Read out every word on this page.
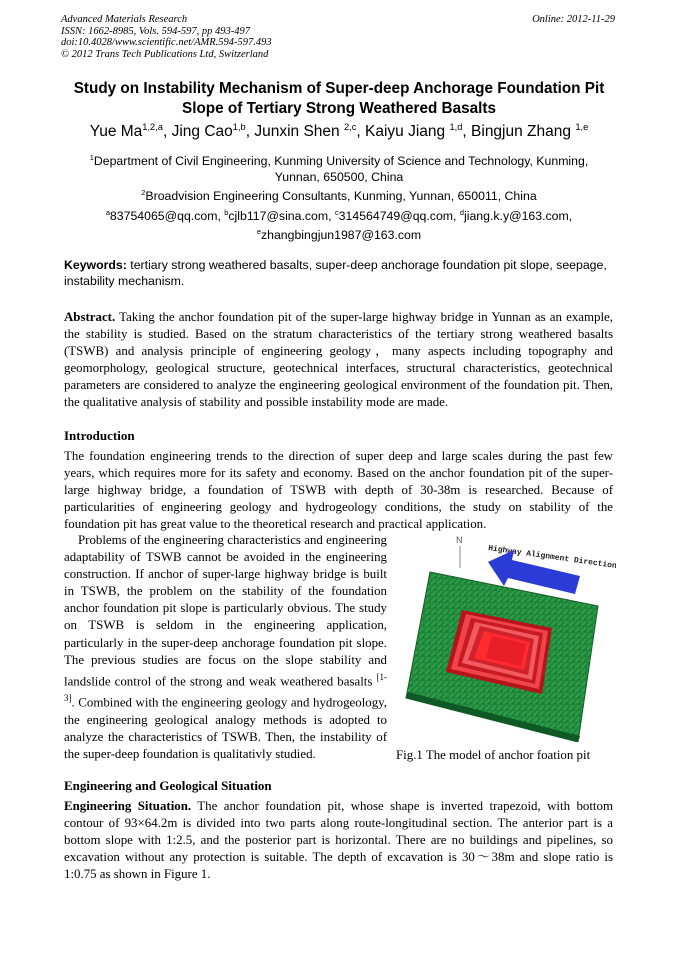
Advanced Materials Research
ISSN: 1662-8985, Vols. 594-597, pp 493-497
doi:10.4028/www.scientific.net/AMR.594-597.493
© 2012 Trans Tech Publications Ltd, Switzerland
Online: 2012-11-29
Study on Instability Mechanism of Super-deep Anchorage Foundation Pit
Slope of Tertiary Strong Weathered Basalts
Yue Ma$^{1,2,a}$, Jing Cao$^{1,b}$, Junxin Shen $^{2,c}$, Kaiyu Jiang $^{1,d}$, Bingjun Zhang $^{1,e}$
$^1$Department of Civil Engineering, Kunming University of Science and Technology, Kunming,
Yunnan, 650500, China
$^2$Broadvision Engineering Consultants, Kunming, Yunnan, 650011, China
$^a$83754065@qq.com, $^b$cjlb117@sina.com, $^c$314564749@qq.com, $^d$jiang.k.y@163.com,
$^e$zhangbingjun1987@163.com
Keywords: tertiary strong weathered basalts, super-deep anchorage foundation pit slope, seepage, instability mechanism.
Abstract. Taking the anchor foundation pit of the super-large highway bridge in Yunnan as an example, the stability is studied. Based on the stratum characteristics of the tertiary strong weathered basalts (TSWB) and analysis principle of engineering geology，many aspects including topography and geomorphology, geological structure, geotechnical interfaces, structural characteristics, geotechnical parameters are considered to analyze the engineering geological environment of the foundation pit. Then, the qualitative analysis of stability and possible instability mode are made.
Introduction
The foundation engineering trends to the direction of super deep and large scales during the past few years, which requires more for its safety and economy. Based on the anchor foundation pit of the super-large highway bridge, a foundation of TSWB with depth of 30-38m is researched. Because of particularities of engineering geology and hydrogeology conditions, the study on stability of the foundation pit has great value to the theoretical research and practical application.
Problems of the engineering characteristics and engineering adaptability of TSWB cannot be avoided in the engineering construction. If anchor of super-large highway bridge is built in TSWB, the problem on the stability of the foundation anchor foundation pit slope is particularly obvious. The study on TSWB is seldom in the engineering application, particularly in the super-deep anchorage foundation pit slope. The previous studies are focus on the slope stability and landslide control of the strong and weak weathered basalts [1-3]. Combined with the engineering geology and hydrogeology, the engineering geological analogy methods is adopted to analyze the characteristics of TSWB. Then, the instability of the super-deep foundation is qualitativly studied.
N
Highway Alignment Direction
Fig.1 The model of anchor foation pit
Engineering and Geological Situation
Engineering Situation. The anchor foundation pit, whose shape is inverted trapezoid, with bottom contour of 93×64.2m is divided into two parts along route-longitudinal section. The anterior part is a bottom slope with 1:2.5, and the posterior part is horizontal. There are no buildings and pipelines, so excavation without any protection is suitable. The depth of excavation is 30～38m and slope ratio is 1:0.75 as shown in Figure 1.
